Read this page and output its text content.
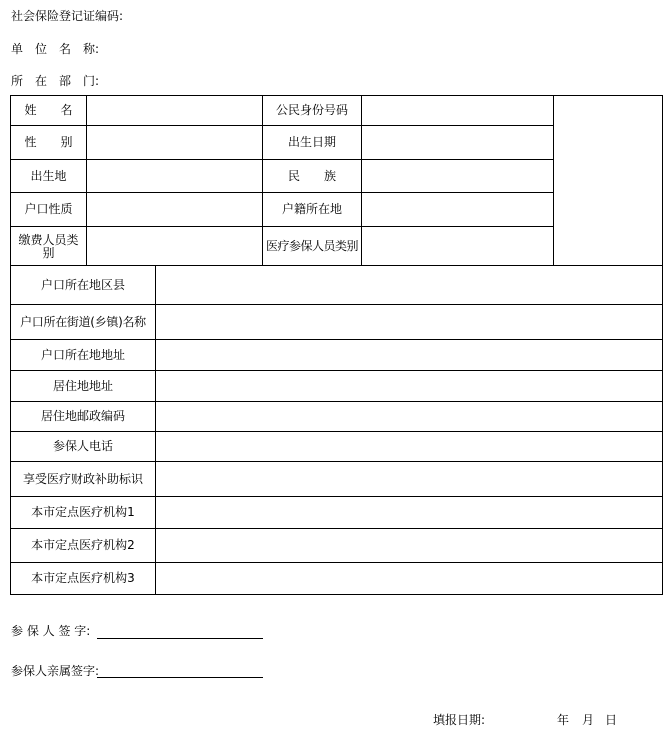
社会保险登记证编码:
单　位　名　称:
所　在　部　门:
姓　　名	公民身份号码
性　　别	出生日期
出生地	民　　族
户口性质	户籍所在地
缴费人员类别	医疗参保人员类别
户口所在地区县
户口所在街道(乡镇)名称
户口所在地地址
居住地地址
居住地邮政编码
参保人电话
享受医疗财政补助标识
本市定点医疗机构1
本市定点医疗机构2
本市定点医疗机构3
参 保 人 签 字:
参保人亲属签字:
填报日期:	年 月 日
